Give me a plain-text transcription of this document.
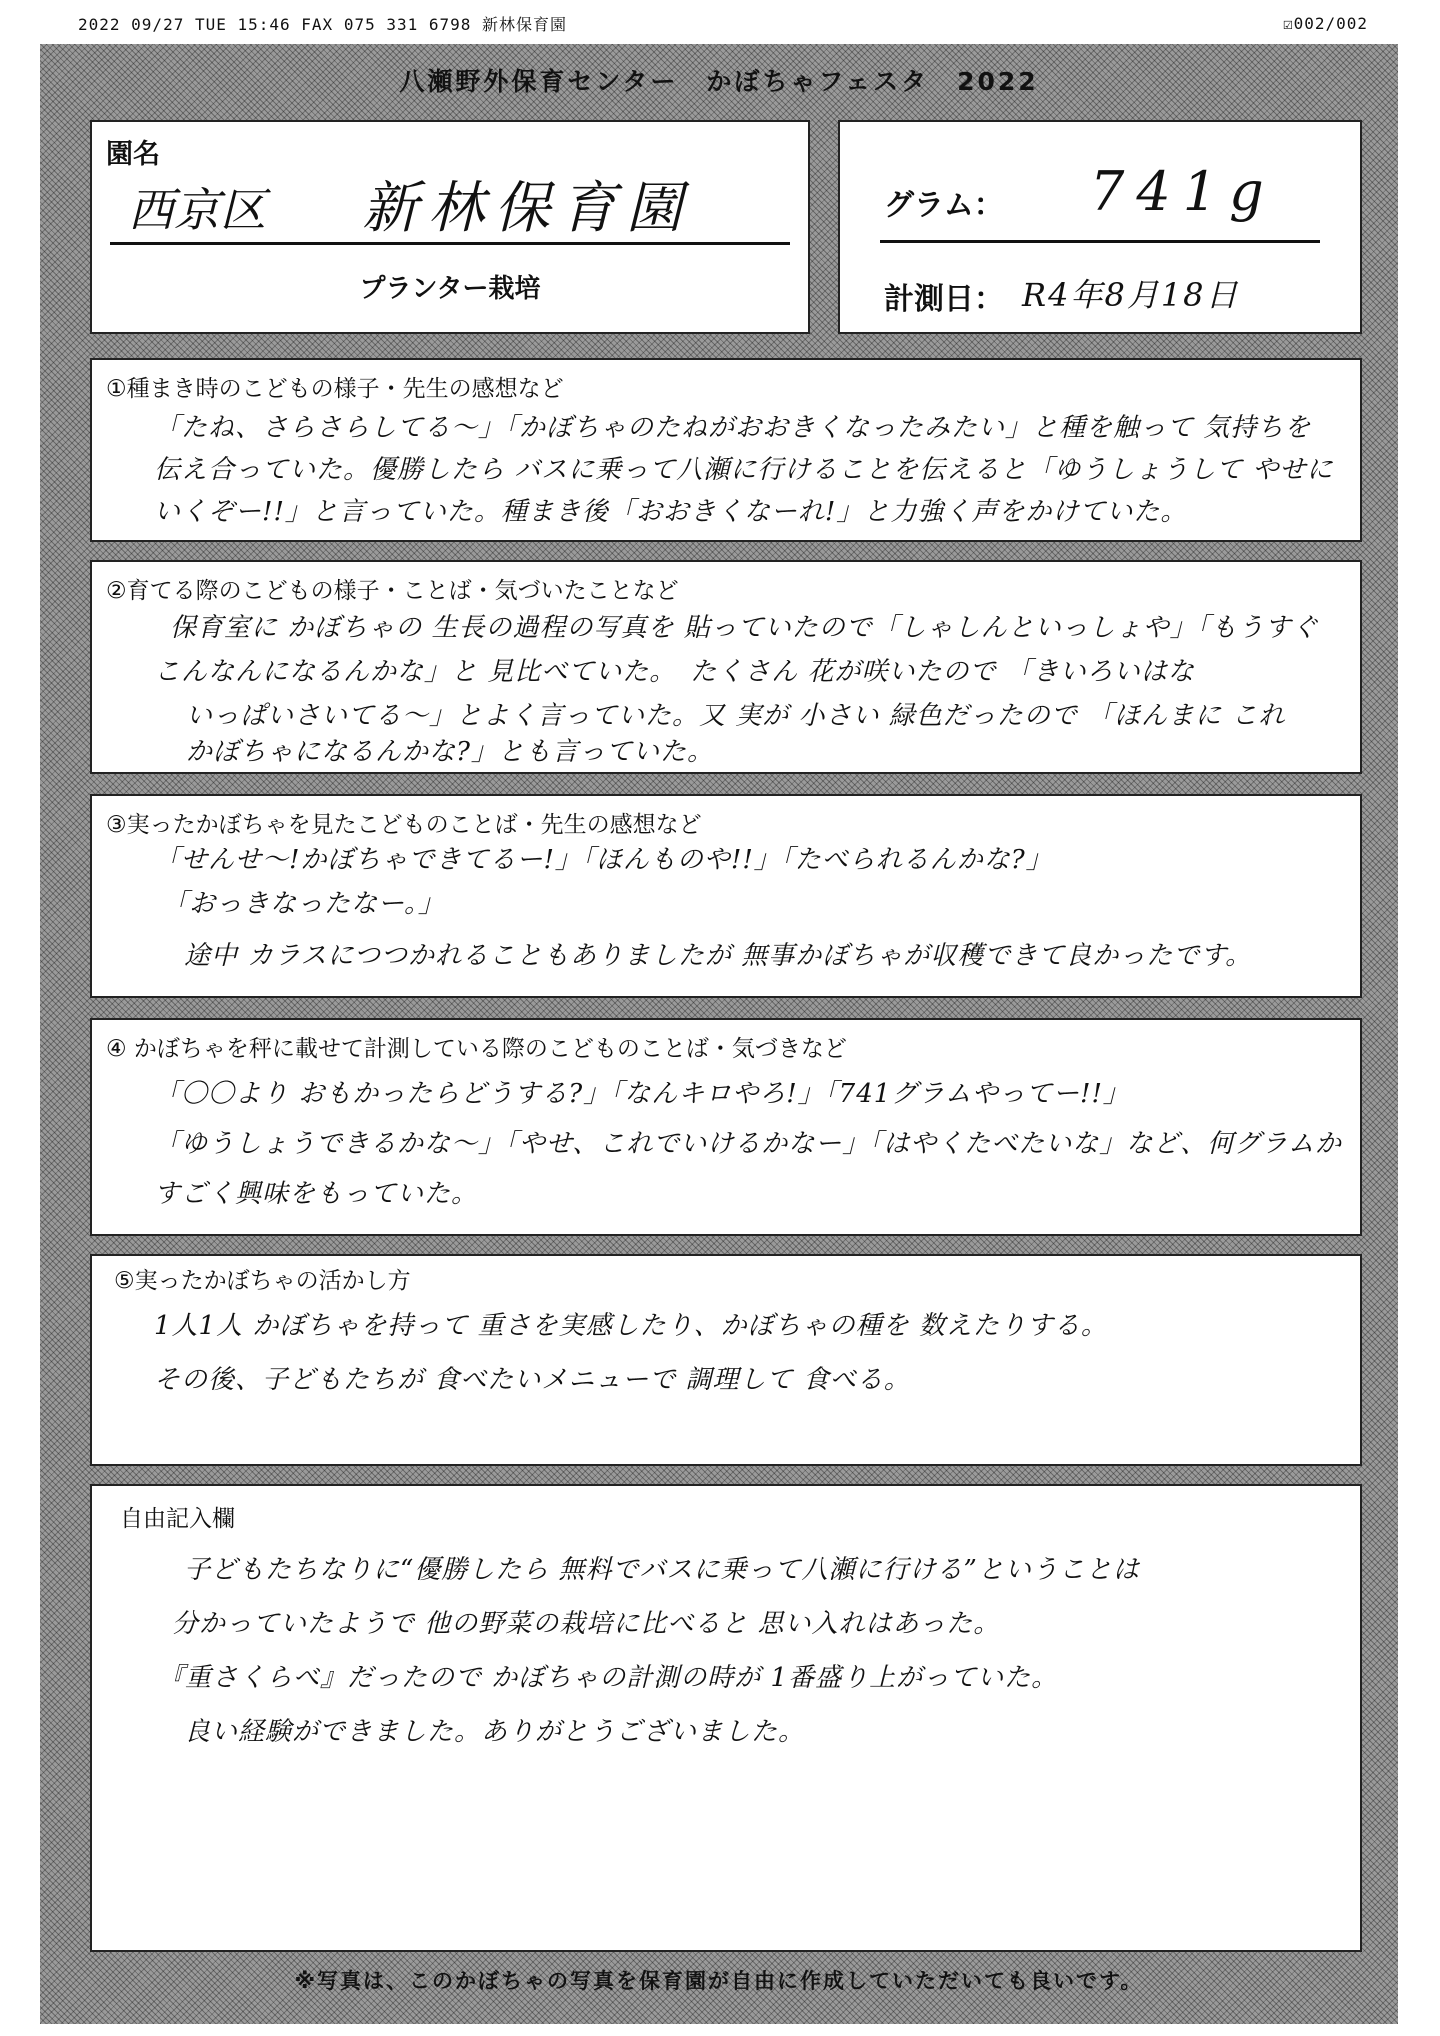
2022 09/27 TUE 15:46 FAX 075 331 6798 新林保育園	☑002/002
八瀬野外保育センター　かぼちゃフェスタ　2022
園名
西京区 新林保育園
プランター栽培
グラム： 741g
計測日： R4年8月18日
①種まき時のこどもの様子・先生の感想など
「たね、さらさらしてる〜」「かぼちゃのたねがおおきくなったみたい」と種を触って 気持ちを
伝え合っていた。優勝したら バスに乗って八瀬に行けることを伝えると「ゆうしょうして やせに
いくぞー!!」と言っていた。種まき後「おおきくなーれ!」と力強く声をかけていた。
②育てる際のこどもの様子・ことば・気づいたことなど
保育室に かぼちゃの 生長の過程の写真を 貼っていたので「しゃしんといっしょや」「もうすぐ
こんなんになるんかな」と 見比べていた。　たくさん 花が咲いたので 「きいろいはな
いっぱいさいてる〜」とよく言っていた。又 実が 小さい 緑色だったので 「ほんまに これ
かぼちゃになるんかな?」とも言っていた。
③実ったかぼちゃを見たこどものことば・先生の感想など
「せんせ〜!かぼちゃできてるー!」「ほんものや!!」「たべられるんかな?」
「おっきなったなー。」
途中 カラスにつつかれることもありましたが 無事かぼちゃが収穫できて良かったです。
④ かぼちゃを秤に載せて計測している際のこどものことば・気づきなど
「〇〇より おもかったらどうする?」「なんキロやろ!」「741グラムやってー!!」
「ゆうしょうできるかな〜」「やせ、これでいけるかなー」「はやくたべたいな」など、何グラムか
すごく興味をもっていた。
⑤実ったかぼちゃの活かし方
1人1人 かぼちゃを持って 重さを実感したり、かぼちゃの種を 数えたりする。
その後、子どもたちが 食べたいメニューで 調理して 食べる。
自由記入欄
子どもたちなりに“優勝したら 無料でバスに乗って八瀬に行ける”ということは
分かっていたようで 他の野菜の栽培に比べると 思い入れはあった。
『重さくらべ』だったので かぼちゃの計測の時が 1番盛り上がっていた。
良い経験ができました。ありがとうございました。
※写真は、このかぼちゃの写真を保育園が自由に作成していただいても良いです。
